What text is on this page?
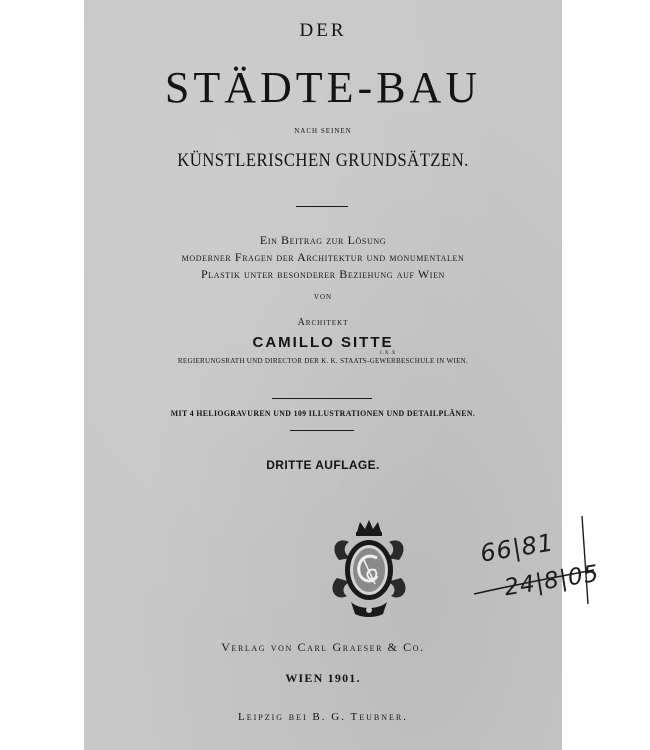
DER

STÄDTE-BAU

NACH SEINEN

KÜNSTLERISCHEN GRUNDSÄTZEN.

Ein Beitrag zur Lösung

moderner Fragen der Architektur und monumentalen

Plastik unter besonderer Beziehung auf Wien

VON

Architekt

CAMILLO SITTE

I.X.X

REGIERUNGSRATH UND DIRECTOR DER K. K. STAATS-GEWERBESCHULE IN WIEN.

MIT 4 HELIOGRAVUREN UND 109 ILLUSTRATIONEN UND DETAILPLÄNEN.

DRITTE AUFLAGE.

66|81
24|8|05

Verlag von Carl Graeser & Co.

WIEN 1901.

Leipzig bei B. G. Teubner.
